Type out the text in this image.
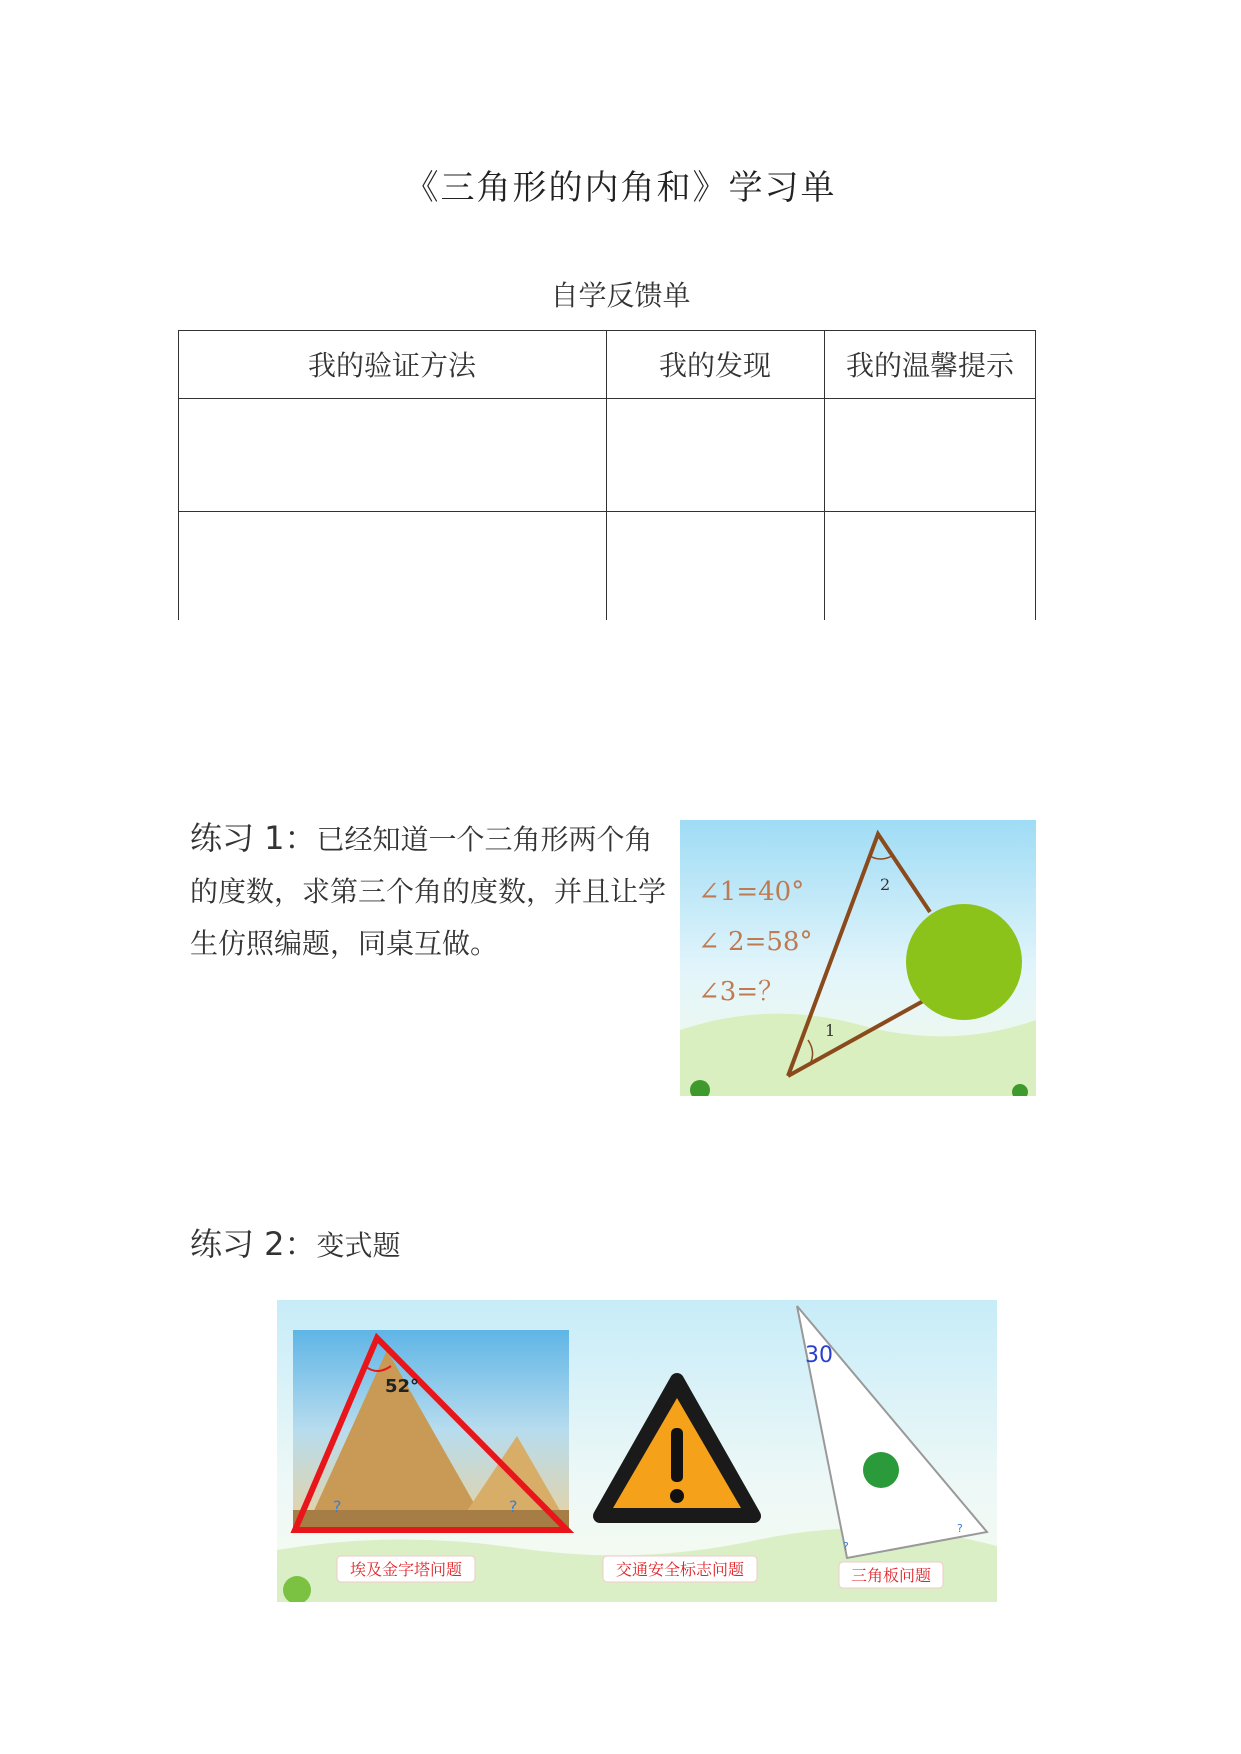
《三角形的内角和》学习单
自学反馈单
我的验证方法	我的发现	我的温馨提示
练习 1：已经知道一个三角形两个角的度数，求第三个角的度数，并且让学生仿照编题，同桌互做。
1
2
∠1=40°
∠ 2=58°
∠3=？
练习 2：变式题
52°
?	?
30
?
?
埃及金字塔问题	交通安全标志问题	三角板问题
